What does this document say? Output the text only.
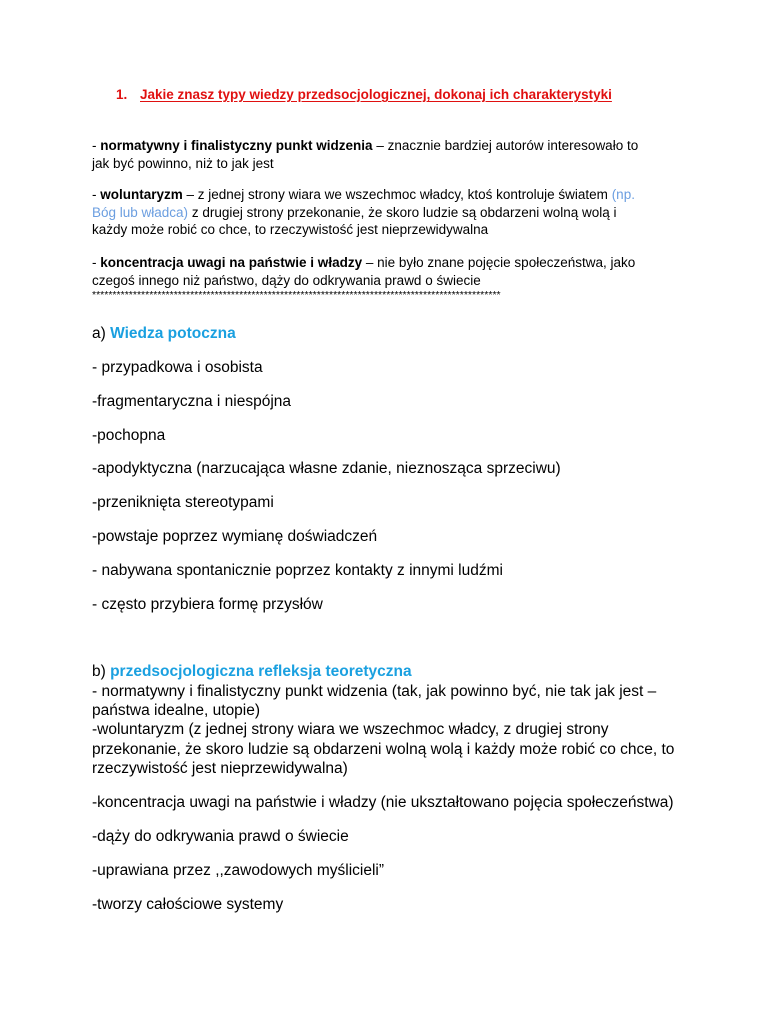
1. Jakie znasz typy wiedzy przedsocjologicznej, dokonaj ich charakterystyki
- normatywny i finalistyczny punkt widzenia – znacznie bardziej autorów interesowało to
jak być powinno, niż to jak jest
- woluntaryzm – z jednej strony wiara we wszechmoc władcy, ktoś kontroluje światem (np.
Bóg lub władca) z drugiej strony przekonanie, że skoro ludzie są obdarzeni wolną wolą i
każdy może robić co chce, to rzeczywistość jest nieprzewidywalna
- koncentracja uwagi na państwie i władzy – nie było znane pojęcie społeczeństwa, jako
czegoś innego niż państwo, dąży do odkrywania prawd o świecie
****************************************************************************************************
a) Wiedza potoczna
- przypadkowa i osobista
-fragmentaryczna i niespójna
-pochopna
-apodyktyczna (narzucająca własne zdanie, nieznosząca sprzeciwu)
-przeniknięta stereotypami
-powstaje poprzez wymianę doświadczeń
- nabywana spontanicznie poprzez kontakty z innymi ludźmi
- często przybiera formę przysłów
b) przedsocjologiczna refleksja teoretyczna
- normatywny i finalistyczny punkt widzenia (tak, jak powinno być, nie tak jak jest –
państwa idealne, utopie)
-woluntaryzm (z jednej strony wiara we wszechmoc władcy, z drugiej strony
przekonanie, że skoro ludzie są obdarzeni wolną wolą i każdy może robić co chce, to
rzeczywistość jest nieprzewidywalna)
-koncentracja uwagi na państwie i władzy (nie ukształtowano pojęcia społeczeństwa)
-dąży do odkrywania prawd o świecie
-uprawiana przez ,,zawodowych myślicieli”
-tworzy całościowe systemy
